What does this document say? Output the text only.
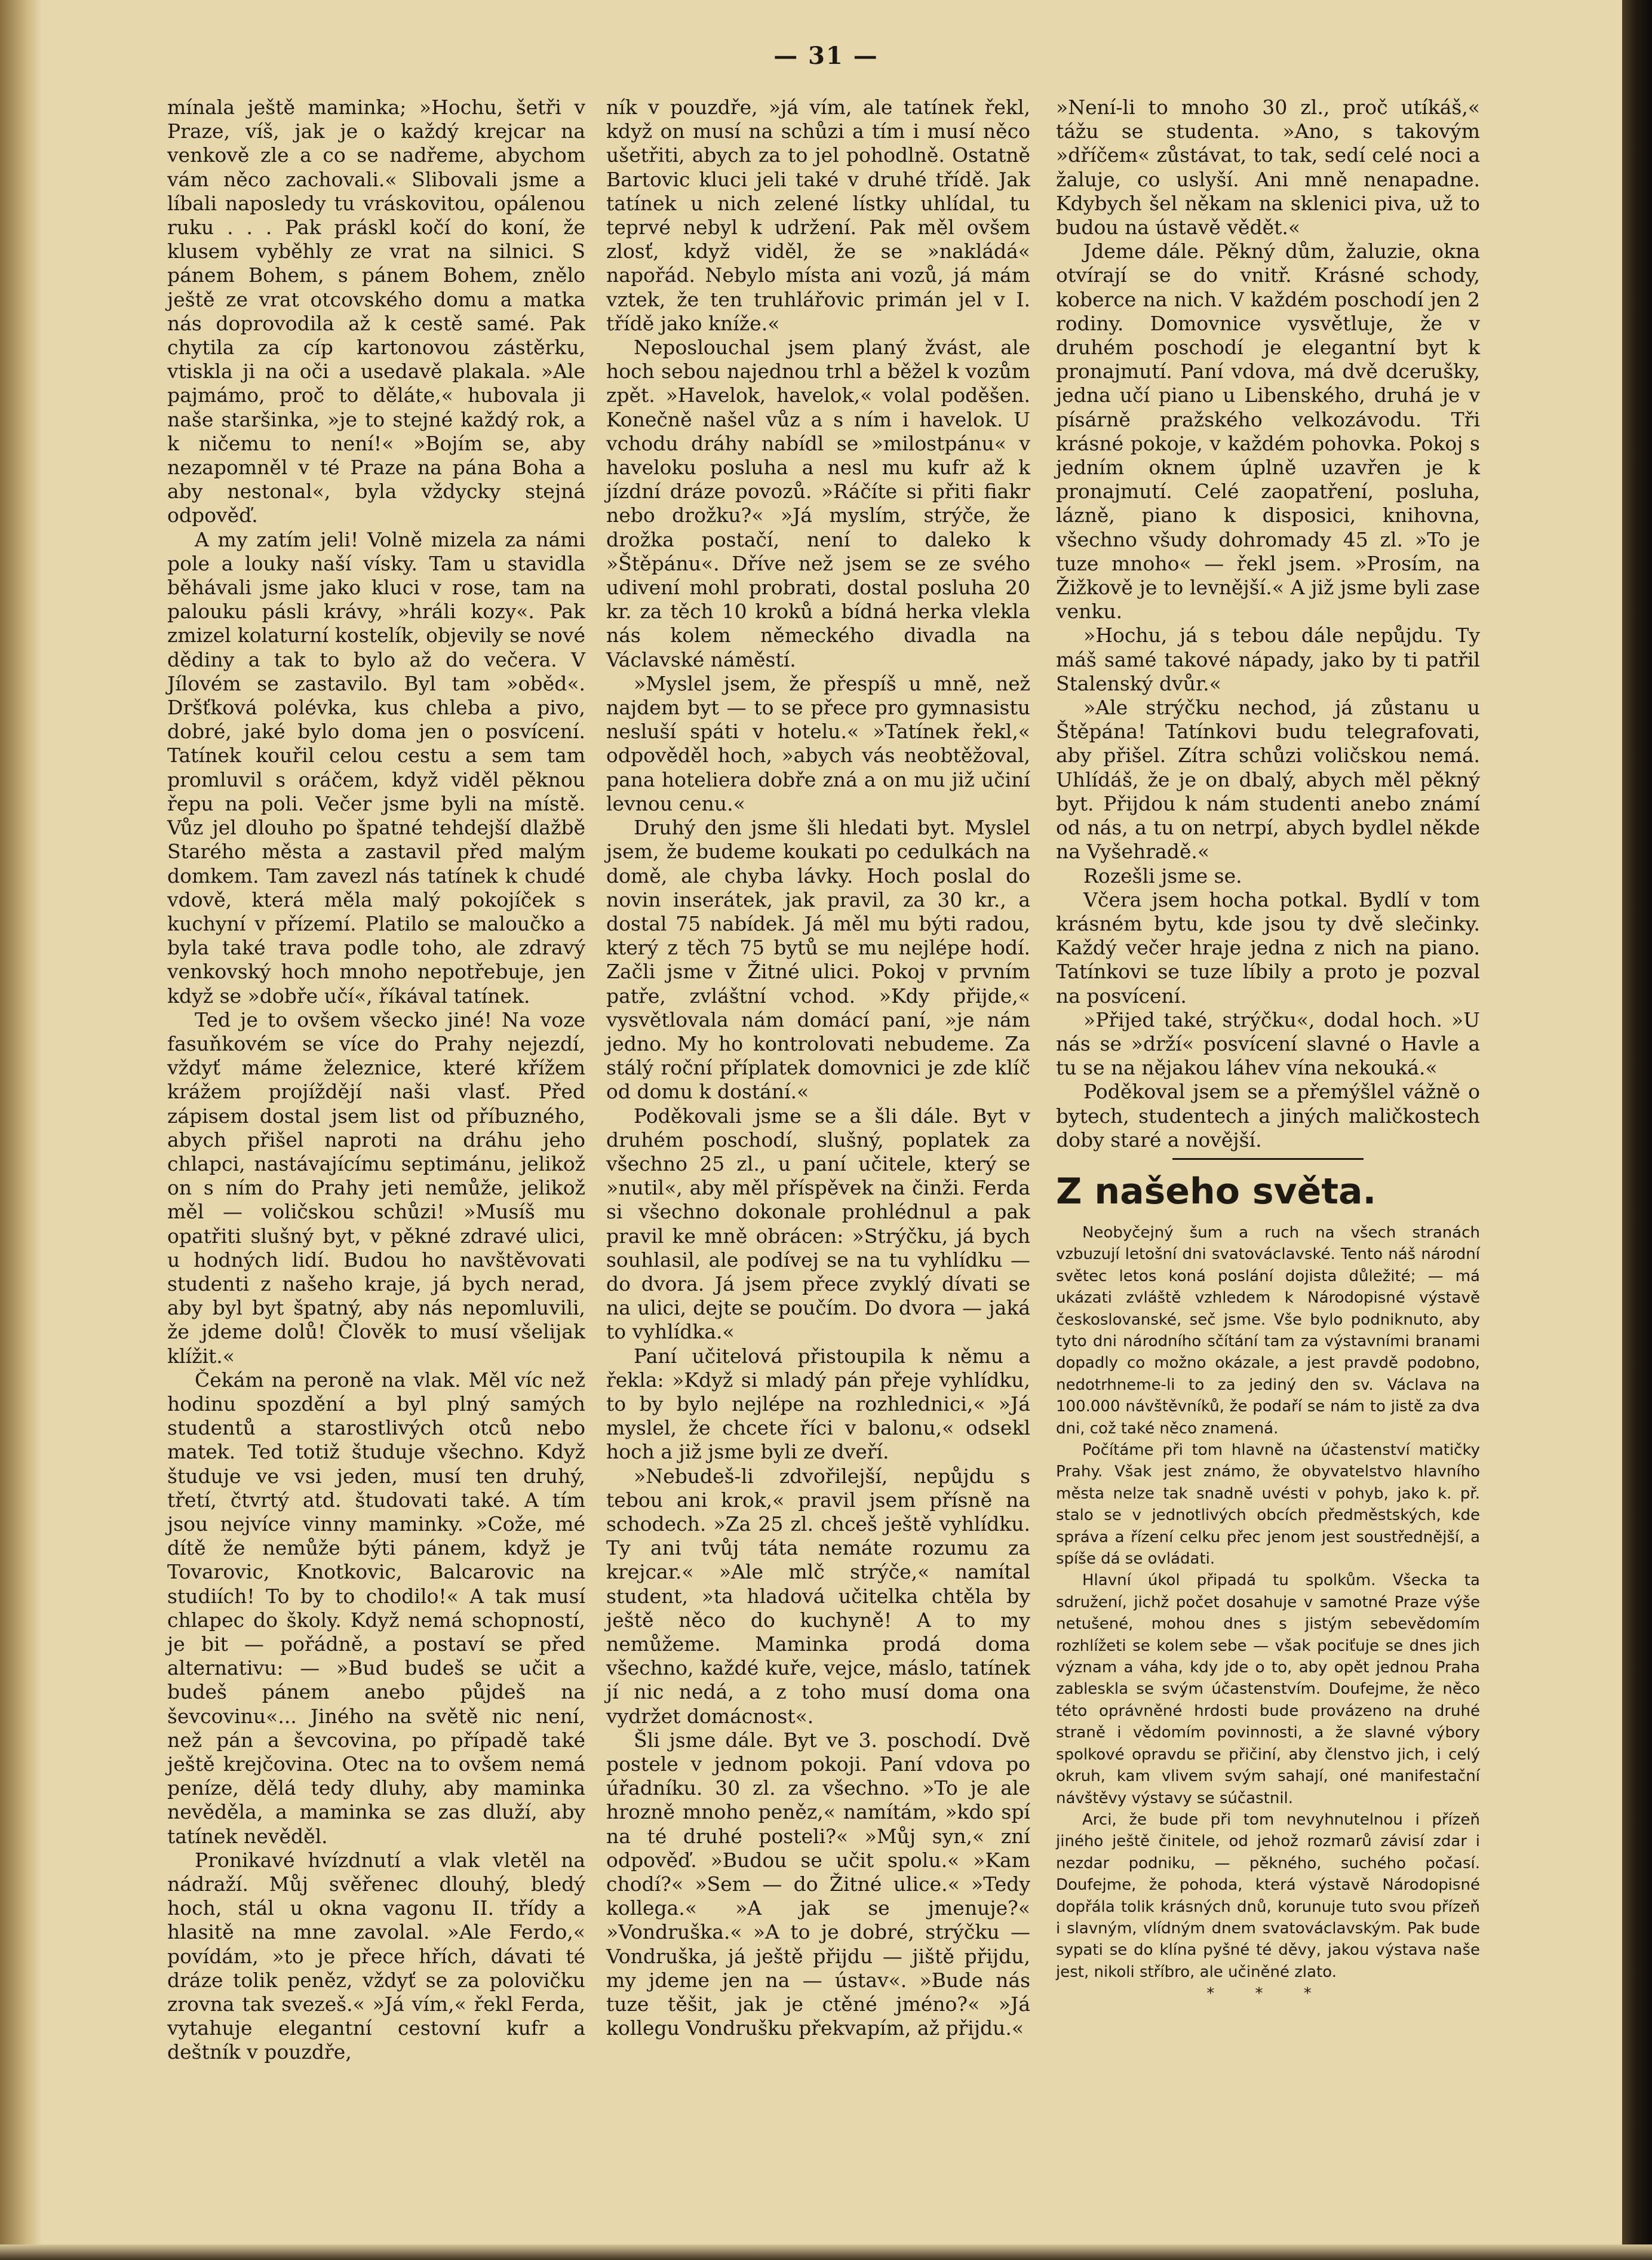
— 31 —

mínala ještě maminka; »Hochu, šetři v Praze, víš, jak je o každý krejcar na venkově zle a co se nadřeme, abychom vám něco zachovali.« Slibovali jsme a líbali naposledy tu vráskovitou, opálenou ruku . . . Pak práskl kočí do koní, že klusem vyběhly ze vrat na silnici. S pánem Bohem, s pánem Bohem, znělo ještě ze vrat otcovského domu a matka nás doprovodila až k cestě samé. Pak chytila za cíp kartonovou zástěrku, vtiskla ji na oči a usedavě plakala. »Ale pajmámo, proč to děláte,« hubovala ji naše staršinka, »je to stejné každý rok, a k ničemu to není!« »Bojím se, aby nezapomněl v té Praze na pána Boha a aby nestonal«, byla vždycky stejná odpověď.

A my zatím jeli! Volně mizela za námi pole a louky naší vísky. Tam u stavidla běhávali jsme jako kluci v rose, tam na palouku pásli krávy, »hráli kozy«. Pak zmizel kolaturní kostelík, objevily se nové dědiny a tak to bylo až do večera. V Jílovém se zastavilo. Byl tam »oběd«. Dršťková polévka, kus chleba a pivo, dobré, jaké bylo doma jen o posvícení. Tatínek kouřil celou cestu a sem tam promluvil s oráčem, když viděl pěknou řepu na poli. Večer jsme byli na místě. Vůz jel dlouho po špatné tehdejší dlažbě Starého města a zastavil před malým domkem. Tam zavezl nás tatínek k chudé vdově, která měla malý pokojíček s kuchyní v přízemí. Platilo se maloučko a byla také trava podle toho, ale zdravý venkovský hoch mnoho nepotřebuje, jen když se »dobře učí«, říkával tatínek.

Ted je to ovšem všecko jiné! Na voze fasuňkovém se více do Prahy nejezdí, vždyť máme železnice, které křížem krážem projíždějí naši vlasť. Před zápisem dostal jsem list od příbuzného, abych přišel naproti na dráhu jeho chlapci, nastávajícímu septimánu, jelikož on s ním do Prahy jeti nemůže, jelikož měl — voličskou schůzi! »Musíš mu opatřiti slušný byt, v pěkné zdravé ulici, u hodných lidí. Budou ho navštěvovati studenti z našeho kraje, já bych nerad, aby byl byt špatný, aby nás nepomluvili, že jdeme dolů! Člověk to musí všelijak klížit.«

Čekám na peroně na vlak. Měl víc než hodinu spozdění a byl plný samých studentů a starostlivých otců nebo matek. Ted totiž študuje všechno. Když študuje ve vsi jeden, musí ten druhý, třetí, čtvrtý atd. študovati také. A tím jsou nejvíce vinny maminky. »Cože, mé dítě že nemůže býti pánem, když je Tovarovic, Knotkovic, Balcarovic na studiích! To by to chodilo!« A tak musí chlapec do školy. Když nemá schopností, je bit — pořádně, a postaví se před alternativu: — »Bud budeš se učit a budeš pánem anebo půjdeš na ševcovinu«... Jiného na světě nic není, než pán a ševcovina, po případě také ještě krejčovina. Otec na to ovšem nemá peníze, dělá tedy dluhy, aby maminka nevěděla, a maminka se zas dluží, aby tatínek nevěděl.

Pronikavé hvízdnutí a vlak vletěl na nádraží. Můj svěřenec dlouhý, bledý hoch, stál u okna vagonu II. třídy a hlasitě na mne zavolal. »Ale Ferdo,« povídám, »to je přece hřích, dávati té dráze tolik peněz, vždyť se za polovičku zrovna tak svezeš.« »Já vím,« řekl Ferda, vytahuje elegantní cestovní kufr a deštník v pouzdře,

ník v pouzdře, »já vím, ale tatínek řekl, když on musí na schůzi a tím i musí něco ušetřiti, abych za to jel pohodlně. Ostatně Bartovic kluci jeli také v druhé třídě. Jak tatínek u nich zelené lístky uhlídal, tu teprvé nebyl k udržení. Pak měl ovšem zlosť, když viděl, že se »nakládá« napořád. Nebylo místa ani vozů, já mám vztek, že ten truhlářovic primán jel v I. třídě jako kníže.«

Neposlouchal jsem planý žvást, ale hoch sebou najednou trhl a běžel k vozům zpět. »Havelok, havelok,« volal poděšen. Konečně našel vůz a s ním i havelok. U vchodu dráhy nabídl se »milostpánu« v haveloku posluha a nesl mu kufr až k jízdní dráze povozů. »Ráčíte si přiti fiakr nebo drožku?« »Já myslím, strýče, že drožka postačí, není to daleko k »Štěpánu«. Dříve než jsem se ze svého udivení mohl probrati, dostal posluha 20 kr. za těch 10 kroků a bídná herka vlekla nás kolem německého divadla na Václavské náměstí.

»Myslel jsem, že přespíš u mně, než najdem byt — to se přece pro gymnasistu nesluší spáti v hotelu.« »Tatínek řekl,« odpověděl hoch, »abych vás neobtěžoval, pana hoteliera dobře zná a on mu již učiní levnou cenu.«

Druhý den jsme šli hledati byt. Myslel jsem, že budeme koukati po cedulkách na domě, ale chyba lávky. Hoch poslal do novin inserátek, jak pravil, za 30 kr., a dostal 75 nabídek. Já měl mu býti radou, který z těch 75 bytů se mu nejlépe hodí. Začli jsme v Žitné ulici. Pokoj v prvním patře, zvláštní vchod. »Kdy přijde,« vysvětlovala nám domácí paní, »je nám jedno. My ho kontrolovati nebudeme. Za stálý roční příplatek domovnici je zde klíč od domu k dostání.«

Poděkovali jsme se a šli dále. Byt v druhém poschodí, slušný, poplatek za všechno 25 zl., u paní učitele, který se »nutil«, aby měl příspěvek na činži. Ferda si všechno dokonale prohlédnul a pak pravil ke mně obrácen: »Strýčku, já bych souhlasil, ale podívej se na tu vyhlídku — do dvora. Já jsem přece zvyklý dívati se na ulici, dejte se poučím. Do dvora — jaká to vyhlídka.«

Paní učitelová přistoupila k němu a řekla: »Když si mladý pán přeje vyhlídku, to by bylo nejlépe na rozhlednici,« »Já myslel, že chcete říci v balonu,« odsekl hoch a již jsme byli ze dveří.

»Nebudeš-li zdvořilejší, nepůjdu s tebou ani krok,« pravil jsem přísně na schodech. »Za 25 zl. chceš ještě vyhlídku. Ty ani tvůj táta nemáte rozumu za krejcar.« »Ale mlč strýče,« namítal student, »ta hladová učitelka chtěla by ještě něco do kuchyně! A to my nemůžeme. Maminka prodá doma všechno, každé kuře, vejce, máslo, tatínek jí nic nedá, a z toho musí doma ona vydržet domácnost«.

Šli jsme dále. Byt ve 3. poschodí. Dvě postele v jednom pokoji. Paní vdova po úřadníku. 30 zl. za všechno. »To je ale hrozně mnoho peněz,« namítám, »kdo spí na té druhé posteli?« »Můj syn,« zní odpověď. »Budou se učit spolu.« »Kam chodí?« »Sem — do Žitné ulice.« »Tedy kollega.« »A jak se jmenuje?« »Vondruška.« »A to je dobré, strýčku — Vondruška, já ještě přijdu — jiště přijdu, my jdeme jen na — ústav«. »Bude nás tuze těšit, jak je ctěné jméno?« »Já kollegu Vondrušku překvapím, až přijdu.«

»Není-li to mnoho 30 zl., proč utíkáš,« tážu se studenta. »Ano, s takovým »dříčem« zůstávat, to tak, sedí celé noci a žaluje, co uslyší. Ani mně nenapadne. Kdybych šel někam na sklenici piva, už to budou na ústavě vědět.«

Jdeme dále. Pěkný dům, žaluzie, okna otvírají se do vnitř. Krásné schody, koberce na nich. V každém poschodí jen 2 rodiny. Domovnice vysvětluje, že v druhém poschodí je elegantní byt k pronajmutí. Paní vdova, má dvě dcerušky, jedna učí piano u Libenského, druhá je v písárně pražského velkozávodu. Tři krásné pokoje, v každém pohovka. Pokoj s jedním oknem úplně uzavřen je k pronajmutí. Celé zaopatření, posluha, lázně, piano k disposici, knihovna, všechno všudy dohromady 45 zl. »To je tuze mnoho« — řekl jsem. »Prosím, na Žižkově je to levnější.« A již jsme byli zase venku.

»Hochu, já s tebou dále nepůjdu. Ty máš samé takové nápady, jako by ti patřil Stalenský dvůr.«

»Ale strýčku nechod, já zůstanu u Štěpána! Tatínkovi budu telegrafovati, aby přišel. Zítra schůzi voličskou nemá. Uhlídáš, že je on dbalý, abych měl pěkný byt. Přijdou k nám studenti anebo známí od nás, a tu on netrpí, abych bydlel někde na Vyšehradě.«

Rozešli jsme se.

Včera jsem hocha potkal. Bydlí v tom krásném bytu, kde jsou ty dvě slečinky. Každý večer hraje jedna z nich na piano. Tatínkovi se tuze líbily a proto je pozval na posvícení.

»Přijed také, strýčku«, dodal hoch. »U nás se »drží« posvícení slavné o Havle a tu se na nějakou láhev vína nekouká.«

Poděkoval jsem se a přemýšlel vážně o bytech, studentech a jiných maličkostech doby staré a novější.

Z našeho světa.

Neobyčejný šum a ruch na všech stranách vzbuzují letošní dni svatováclavské. Tento náš národní světec letos koná poslání dojista důležité; — má ukázati zvláště vzhledem k Národopisné výstavě českoslovanské, seč jsme. Vše bylo podniknuto, aby tyto dni národního sčítání tam za výstavními branami dopadly co možno okázale, a jest pravdě podobno, nedotrhneme-li to za jediný den sv. Václava na 100.000 návštěvníků, že podaří se nám to jistě za dva dni, což také něco znamená.

Počítáme při tom hlavně na účastenství matičky Prahy. Však jest známo, že obyvatelstvo hlavního města nelze tak snadně uvésti v pohyb, jako k. př. stalo se v jednotlivých obcích předměstských, kde správa a řízení celku přec jenom jest soustřednější, a spíše dá se ovládati.

Hlavní úkol připadá tu spolkům. Všecka ta sdružení, jichž počet dosahuje v samotné Praze výše netušené, mohou dnes s jistým sebevědomím rozhlížeti se kolem sebe — však pociťuje se dnes jich význam a váha, kdy jde o to, aby opět jednou Praha zableskla se svým účastenstvím. Doufejme, že něco této oprávněné hrdosti bude provázeno na druhé straně i vědomím povinnosti, a že slavné výbory spolkové opravdu se přičiní, aby členstvo jich, i celý okruh, kam vlivem svým sahají, oné manifestační návštěvy výstavy se súčastnil.

Arci, že bude při tom nevyhnutelnou i přízeň jiného ještě činitele, od jehož rozmarů závisí zdar i nezdar podniku, — pěkného, suchého počasí. Doufejme, že pohoda, která výstavě Národopisné dopřála tolik krásných dnů, korunuje tuto svou přízeň i slavným, vlídným dnem svatováclavským. Pak bude sypati se do klína pyšné té děvy, jakou výstava naše jest, nikoli stříbro, ale učiněné zlato.

* * *
